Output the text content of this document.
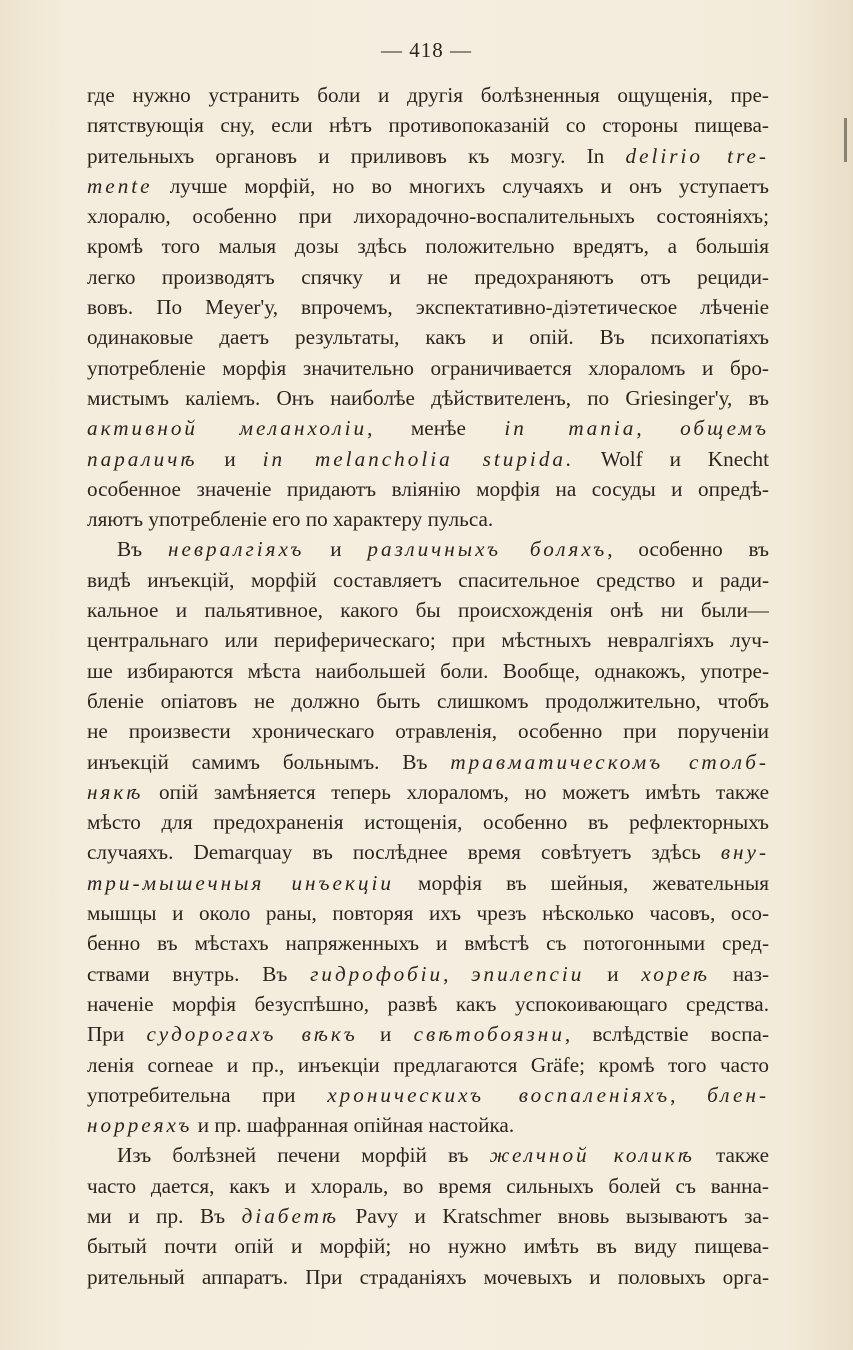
— 418 —
где нужно устранить боли и другія болѣзненныя ощущенія, пре-
пятствующія сну, если нѣтъ противопоказаній со стороны пищева-
рительныхъ органовъ и приливовъ къ мозгу. In delirio tre-
mente лучше морфій, но во многихъ случаяхъ и онъ уступаетъ
хлоралю, особенно при лихорадочно-воспалительныхъ состояніяхъ;
кромѣ того малыя дозы здѣсь положительно вредятъ, а большія
легко производятъ спячку и не предохраняютъ отъ рециди-
вовъ. По Meyer'у, впрочемъ, экспектативно-діэтетическое лѣченіе
одинаковые даетъ результаты, какъ и опій. Въ психопатіяхъ
употребленіе морфія значительно ограничивается хлораломъ и бро-
мистымъ каліемъ. Онъ наиболѣе дѣйствителенъ, по Griesinger'у, въ
активной меланхоліи, менѣе in mania, общемъ
параличѣ и in melancholia stupida. Wolf и Knecht
особенное значеніе придаютъ вліянію морфія на сосуды и опредѣ-
ляютъ употребленіе его по характеру пульса.
Въ невралгіяхъ и различныхъ боляхъ, особенно въ
видѣ инъекцій, морфій составляетъ спасительное средство и ради-
кальное и пальятивное, какого бы происхожденія онѣ ни были—
центральнаго или периферическаго; при мѣстныхъ невралгіяхъ луч-
ше избираются мѣста наибольшей боли. Вообще, однакожъ, употре-
бленіе опіатовъ не должно быть слишкомъ продолжительно, чтобъ
не произвести хроническаго отравленія, особенно при порученіи
инъекцій самимъ больнымъ. Въ травматическомъ столб-
някѣ опій замѣняется теперь хлораломъ, но можетъ имѣть также
мѣсто для предохраненія истощенія, особенно въ рефлекторныхъ
случаяхъ. Demarquay въ послѣднее время совѣтуетъ здѣсь вну-
три-мышечныя инъекціи морфія въ шейныя, жевательныя
мышцы и около раны, повторяя ихъ чрезъ нѣсколько часовъ, осо-
бенно въ мѣстахъ напряженныхъ и вмѣстѣ съ потогонными сред-
ствами внутрь. Въ гидрофобіи, эпилепсіи и хореѣ наз-
наченіе морфія безуспѣшно, развѣ какъ успокоивающаго средства.
При судорогахъ вѣкъ и свѣтобоязни, вслѣдствіе воспа-
ленія corneae и пр., инъекціи предлагаются Gräfe; кромѣ того часто
употребительна при хроническихъ воспаленіяхъ, блен-
норреяхъ и пр. шафранная опійная настойка.
Изъ болѣзней печени морфій въ желчной коликѣ также
часто дается, какъ и хлораль, во время сильныхъ болей съ ванна-
ми и пр. Въ діабетѣ Pavy и Kratschmer вновь вызываютъ за-
бытый почти опій и морфій; но нужно имѣть въ виду пищева-
рительный аппаратъ. При страданіяхъ мочевыхъ и половыхъ орга-
